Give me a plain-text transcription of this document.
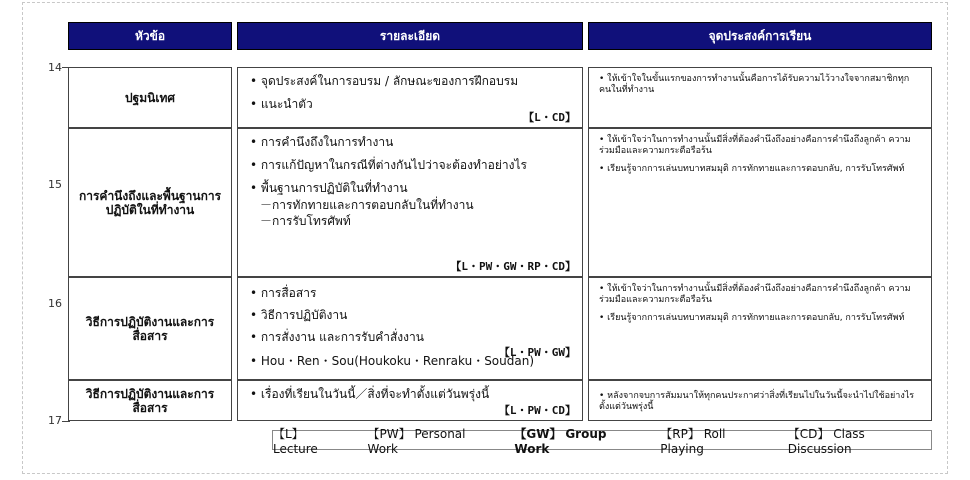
หัวข้อ	รายละเอียด	จุดประสงค์การเรียน
14
15
16
17
ปฐมนิเทศ
• จุดประสงค์ในการอบรม / ลักษณะของการฝึกอบรม
• แนะนำตัว
【L・CD】
• ให้เข้าใจในขั้นแรกของการทำงานนั้นคือการได้รับความไว้วางใจจากสมาชิกทุกคนในที่ทำงาน
การคำนึงถึงและพื้นฐานการปฏิบัติในที่ทำงาน
• การคำนึงถึงในการทำงาน
• การแก้ปัญหาในกรณีที่ต่างกันไปว่าจะต้องทำอย่างไร
• พื้นฐานการปฏิบัติในที่ทำงาน
－การทักทายและการตอบกลับในที่ทำงาน
－การรับโทรศัพท์
【L・PW・GW・RP・CD】
• ให้เข้าใจว่าในการทำงานนั้นมีสิ่งที่ต้องคำนึงถึงอย่างคือการคำนึงถึงลูกค้า ความร่วมมือและความกระตือรือร้น
• เรียนรู้จากการเล่นบทบาทสมมุติ การทักทายและการตอบกลับ, การรับโทรศัพท์
วิธีการปฏิบัติงานและการสื่อสาร
• การสื่อสาร
• วิธีการปฏิบัติงาน
• การสั่งงาน และการรับคำสั่งงาน
【L・PW・GW】
• Hou・Ren・Sou(Houkoku・Renraku・Soudan)
• ให้เข้าใจว่าในการทำงานนั้นมีสิ่งที่ต้องคำนึงถึงอย่างคือการคำนึงถึงลูกค้า ความร่วมมือและความกระตือรือร้น
• เรียนรู้จากการเล่นบทบาทสมมุติ การทักทายและการตอบกลับ, การรับโทรศัพท์
วิธีการปฏิบัติงานและการสื่อสาร
• เรื่องที่เรียนในวันนี้／สิ่งที่จะทำตั้งแต่วันพรุ่งนี้
【L・PW・CD】
• หลังจากจบการสัมมนาให้ทุกคนประกาศว่าสิ่งที่เรียนไปในวันนี้จะนำไปใช้อย่างไรตั้งแต่วันพรุ่งนี้
【L】 Lecture
【PW】 Personal Work
【GW】 Group Work
【RP】 Roll Playing
【CD】 Class Discussion
